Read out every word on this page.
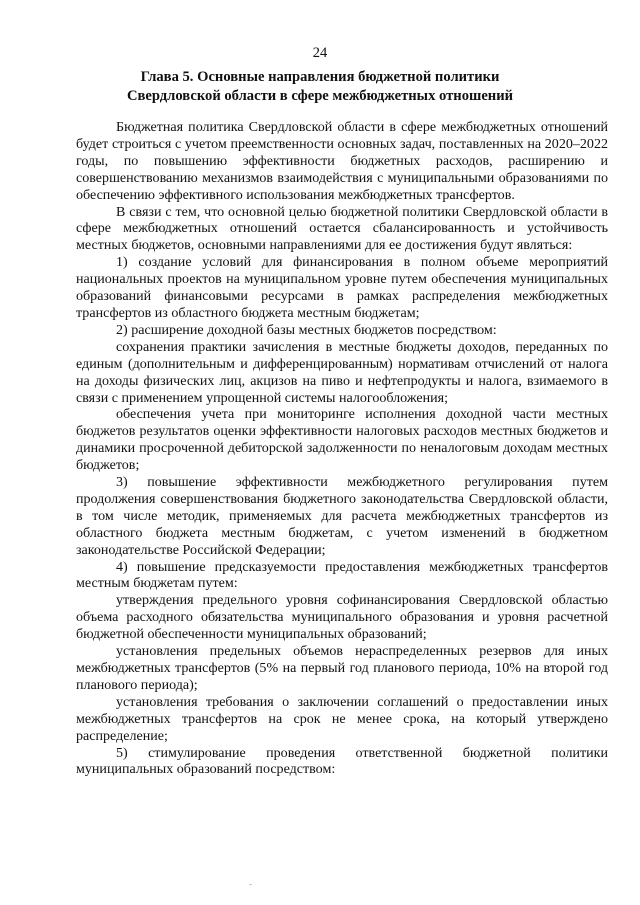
24
Глава 5. Основные направления бюджетной политики
Свердловской области в сфере межбюджетных отношений

Бюджетная политика Свердловской области в сфере межбюджетных отношений будет строиться с учетом преемственности основных задач, поставленных на 2020–2022 годы, по повышению эффективности бюджетных расходов, расширению и совершенствованию механизмов взаимодействия с муниципальными образованиями по обеспечению эффективного использования межбюджетных трансфертов.

В связи с тем, что основной целью бюджетной политики Свердловской области в сфере межбюджетных отношений остается сбалансированность и устойчивость местных бюджетов, основными направлениями для ее достижения будут являться:

1) создание условий для финансирования в полном объеме мероприятий национальных проектов на муниципальном уровне путем обеспечения муниципальных образований финансовыми ресурсами в рамках распределения межбюджетных трансфертов из областного бюджета местным бюджетам;

2) расширение доходной базы местных бюджетов посредством:

сохранения практики зачисления в местные бюджеты доходов, переданных по единым (дополнительным и дифференцированным) нормативам отчислений от налога на доходы физических лиц, акцизов на пиво и нефтепродукты и налога, взимаемого в связи с применением упрощенной системы налогообложения;

обеспечения учета при мониторинге исполнения доходной части местных бюджетов результатов оценки эффективности налоговых расходов местных бюджетов и динамики просроченной дебиторской задолженности по неналоговым доходам местных бюджетов;

3) повышение эффективности межбюджетного регулирования путем продолжения совершенствования бюджетного законодательства Свердловской области, в том числе методик, применяемых для расчета межбюджетных трансфертов из областного бюджета местным бюджетам, с учетом изменений в бюджетном законодательстве Российской Федерации;

4) повышение предсказуемости предоставления межбюджетных трансфертов местным бюджетам путем:

утверждения предельного уровня софинансирования Свердловской областью объема расходного обязательства муниципального образования и уровня расчетной бюджетной обеспеченности муниципальных образований;

установления предельных объемов нераспределенных резервов для иных межбюджетных трансфертов (5% на первый год планового периода, 10% на второй год планового периода);

установления требования о заключении соглашений о предоставлении иных межбюджетных трансфертов на срок не менее срока, на который утверждено распределение;

5) стимулирование проведения ответственной бюджетной политики муниципальных образований посредством:
